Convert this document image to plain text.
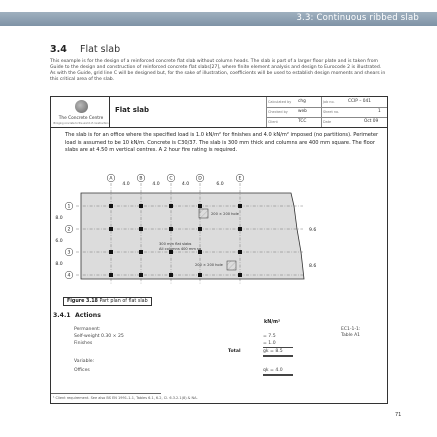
3.3: Continuous ribbed slab
3.4 Flat slab
This example is for the design of a reinforced concrete flat slab without column heads. The slab is part of a larger floor plate and is taken from Guide to the design and construction of reinforced concrete flat slabs[27], where finite element analysis and design to Eurocode 2 is illustrated. As with the Guide, grid line C will be designed but, for the sake of illustration, coefficients will be used to establish design moments and shears in this critical area of the slab.
The Concrete Centre
Bringing concrete to the world of construction
Flat slab
Calculated by chg	Job no.	CCIP – 041
Checked by web	Sheet no.	1
Client	TCC	Date	Oct 09
The slab is for an office where the specified load is 1.0 kN/m² for finishes and 4.0 kN/m² imposed (no partitions). Perimeter load is assumed to be 10 kN/m. Concrete is C30/37. The slab is 300 mm thick and columns are 400 mm square. The floor slabs are at 4.50 m vertical centres. A 2 hour fire rating is required.
A	B	C	D	E
1
2
3
4
4.0	4.0	4.0	6.0
8.0
6.0
8.0
9.6
8.6
200 × 200 hole
200 × 200 hole
300 mm flat slabs
All columns 400 mm sq
Figure 3.18 Part plan of flat slab
3.4.1 Actions
kN/m²
Permanent:
Self-weight 0.30 × 25	= 7.5
Finishes	= 1.0
Total	gk = 8.5
Variable:
Offices	qk = 4.0
EC1-1-1:
Table A1
¹ Client requirement. See also BS EN 1991-1-1, Tables 6.1, 6.2, Cl. 6.3.2.1(8) & NA.
71
